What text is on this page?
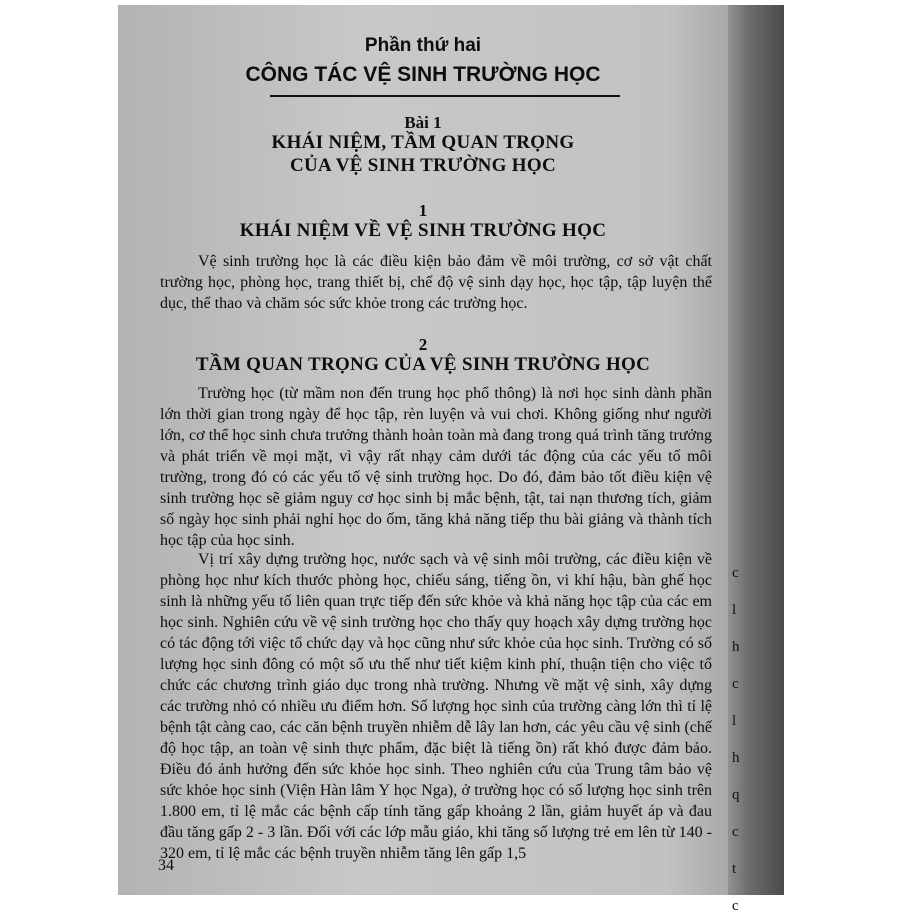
c
l
h
c
l
h
q
c
t
c
Phần thứ hai
CÔNG TÁC VỆ SINH TRƯỜNG HỌC
Bài 1
KHÁI NIỆM, TẦM QUAN TRỌNG
CỦA VỆ SINH TRƯỜNG HỌC
1
KHÁI NIỆM VỀ VỆ SINH TRƯỜNG HỌC

Vệ sinh trường học là các điều kiện bảo đảm về môi trường, cơ sở vật chất trường học, phòng học, trang thiết bị, chế độ vệ sinh dạy học, học tập, tập luyện thể dục, thể thao và chăm sóc sức khỏe trong các trường học.

2
TẦM QUAN TRỌNG CỦA VỆ SINH TRƯỜNG HỌC

Trường học (từ mầm non đến trung học phổ thông) là nơi học sinh dành phần lớn thời gian trong ngày để học tập, rèn luyện và vui chơi. Không giống như người lớn, cơ thể học sinh chưa trưởng thành hoàn toàn mà đang trong quá trình tăng trưởng và phát triển về mọi mặt, vì vậy rất nhạy cảm dưới tác động của các yếu tố môi trường, trong đó có các yếu tố vệ sinh trường học. Do đó, đảm bảo tốt điều kiện vệ sinh trường học sẽ giảm nguy cơ học sinh bị mắc bệnh, tật, tai nạn thương tích, giảm số ngày học sinh phải nghỉ học do ốm, tăng khả năng tiếp thu bài giảng và thành tích học tập của học sinh.

Vị trí xây dựng trường học, nước sạch và vệ sinh môi trường, các điều kiện về phòng học như kích thước phòng học, chiếu sáng, tiếng ồn, vi khí hậu, bàn ghế học sinh là những yếu tố liên quan trực tiếp đến sức khỏe và khả năng học tập của các em học sinh. Nghiên cứu về vệ sinh trường học cho thấy quy hoạch xây dựng trường học có tác động tới việc tổ chức dạy và học cũng như sức khỏe của học sinh. Trường có số lượng học sinh đông có một số ưu thế như tiết kiệm kinh phí, thuận tiện cho việc tổ chức các chương trình giáo dục trong nhà trường. Nhưng về mặt vệ sinh, xây dựng các trường nhỏ có nhiều ưu điểm hơn. Số lượng học sinh của trường càng lớn thì tỉ lệ bệnh tật càng cao, các căn bệnh truyền nhiễm dễ lây lan hơn, các yêu cầu vệ sinh (chế độ học tập, an toàn vệ sinh thực phẩm, đặc biệt là tiếng ồn) rất khó được đảm bảo. Điều đó ảnh hưởng đến sức khỏe học sinh. Theo nghiên cứu của Trung tâm bảo vệ sức khỏe học sinh (Viện Hàn lâm Y học Nga), ở trường học có số lượng học sinh trên 1.800 em, tỉ lệ mắc các bệnh cấp tính tăng gấp khoảng 2 lần, giảm huyết áp và đau đầu tăng gấp 2 - 3 lần. Đối với các lớp mẫu giáo, khi tăng số lượng trẻ em lên từ 140 - 320 em, tỉ lệ mắc các bệnh truyền nhiễm tăng lên gấp 1,5

34
